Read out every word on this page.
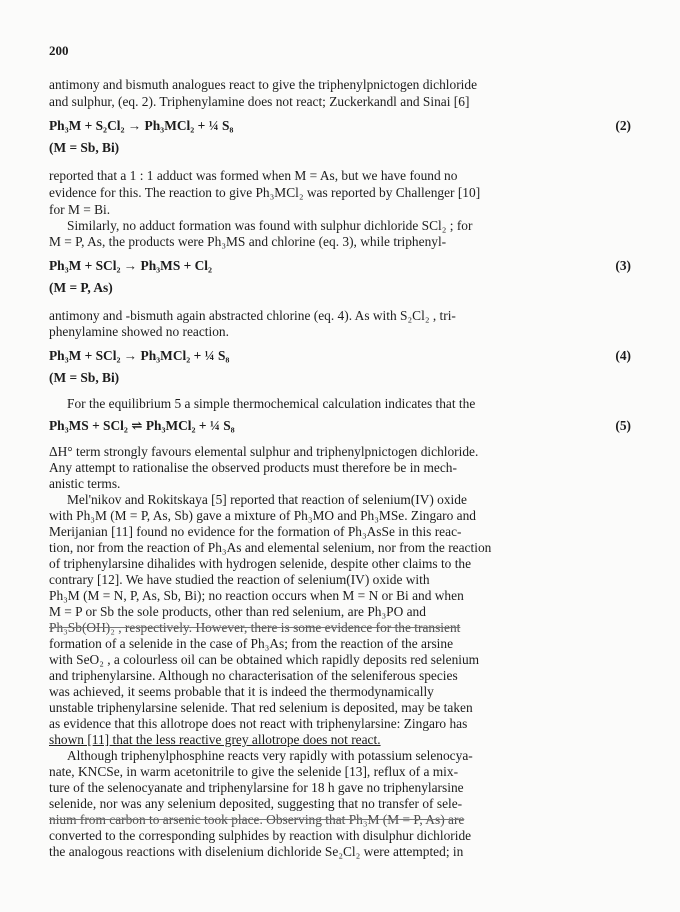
200
antimony and bismuth analogues react to give the triphenylpnictogen dichloride
and sulphur, (eq. 2). Triphenylamine does not react; Zuckerkandl and Sinai [6]
Ph₃M + S₂Cl₂ → Ph₃MCl₂ + ¼ S₈	(2)
(M = Sb, Bi)
reported that a 1 : 1 adduct was formed when M = As, but we have found no
evidence for this. The reaction to give Ph₃MCl₂ was reported by Challenger [10]
for M = Bi.
Similarly, no adduct formation was found with sulphur dichloride SCl₂ ; for
M = P, As, the products were Ph₃MS and chlorine (eq. 3), while triphenyl-
Ph₃M + SCl₂ → Ph₃MS + Cl₂	(3)
(M = P, As)
antimony and -bismuth again abstracted chlorine (eq. 4). As with S₂Cl₂ , tri-
phenylamine showed no reaction.
Ph₃M + SCl₂ → Ph₃MCl₂ + ¼ S₈	(4)
(M = Sb, Bi)
For the equilibrium 5 a simple thermochemical calculation indicates that the
Ph₃MS + SCl₂ ⇌ Ph₃MCl₂ + ¼ S₈	(5)
ΔH° term strongly favours elemental sulphur and triphenylpnictogen dichloride.
Any attempt to rationalise the observed products must therefore be in mech-
anistic terms.
Mel'nikov and Rokitskaya [5] reported that reaction of selenium(IV) oxide
with Ph₃M (M = P, As, Sb) gave a mixture of Ph₃MO and Ph₃MSe. Zingaro and
Merijanian [11] found no evidence for the formation of Ph₃AsSe in this reac-
tion, nor from the reaction of Ph₃As and elemental selenium, nor from the reaction
of triphenylarsine dihalides with hydrogen selenide, despite other claims to the
contrary [12]. We have studied the reaction of selenium(IV) oxide with
Ph₃M (M = N, P, As, Sb, Bi); no reaction occurs when M = N or Bi and when
M = P or Sb the sole products, other than red selenium, are Ph₃PO and
Ph₃Sb(OH)₂ , respectively. However, there is some evidence for the transient
formation of a selenide in the case of Ph₃As; from the reaction of the arsine
with SeO₂ , a colourless oil can be obtained which rapidly deposits red selenium
and triphenylarsine. Although no characterisation of the seleniferous species
was achieved, it seems probable that it is indeed the thermodynamically
unstable triphenylarsine selenide. That red selenium is deposited, may be taken
as evidence that this allotrope does not react with triphenylarsine: Zingaro has
shown [11] that the less reactive grey allotrope does not react.
Although triphenylphosphine reacts very rapidly with potassium selenocya-
nate, KNCSe, in warm acetonitrile to give the selenide [13], reflux of a mix-
ture of the selenocyanate and triphenylarsine for 18 h gave no triphenylarsine
selenide, nor was any selenium deposited, suggesting that no transfer of sele-
nium from carbon to arsenic took place. Observing that Ph₃M (M = P, As) are
converted to the corresponding sulphides by reaction with disulphur dichloride
the analogous reactions with diselenium dichloride Se₂Cl₂ were attempted; in
